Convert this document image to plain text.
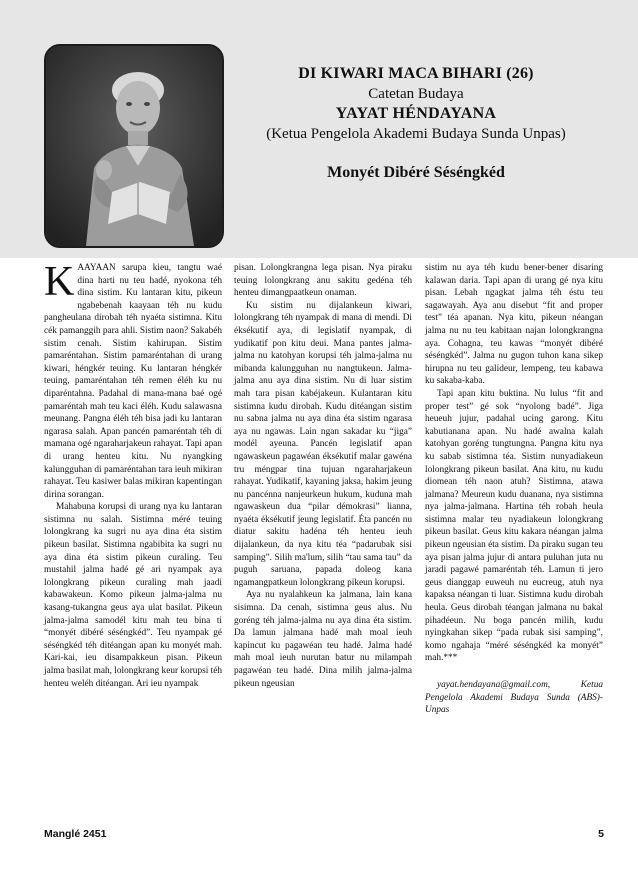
DI KIWARI MACA BIHARI (26)
Catetan Budaya
YAYAT HÉNDAYANA
(Ketua Pengelola Akademi Budaya Sunda Unpas)
Monyét Dibéré Séséngkéd

KAAYAAN sarupa kieu, tangtu waé dina harti nu teu hadé, nyokona téh dina sistim. Ku lantaran kitu, pikeun ngabebenah kaayaan téh nu kudu pangheulana dirobah téh nyaéta sistimna. Kitu cék pamanggih para ahli. Sistim naon? Sakabéh sistim cenah. Sistim kahirupan. Sistim pamaréntahan. Sistim pamaréntahan di urang kiwari, héngkér teuing. Ku lantaran héngkér teuing, pamaréntahan téh remen éléh ku nu diparéntahna. Padahal di mana-mana baé ogé pamaréntah mah teu kaci éléh. Kudu salawasna meunang. Pangna éléh téh bisa jadi ku lantaran ngarasa salah. Apan pancén pamaréntah téh di mamana ogé ngaraharjakeun rahayat. Tapi apan di urang henteu kitu. Nu nyangking kalungguhan di pamaréntahan tara ieuh mikiran rahayat. Teu kasiwer balas mikiran kapentingan dirina sorangan.

Mahabuna korupsi di urang nya ku lantaran sistimna nu salah. Sistimna méré teuing lolongkrang ka sugri nu aya dina éta sistim pikeun basilat. Sistimna ngabibita ka sugri nu aya dina éta sistim pikeun curaling. Teu mustahil jalma hadé gé ari nyampak aya lolongkrang pikeun curaling mah jaadi kabawakeun. Komo pikeun jalma-jalma nu kasang-tukangna geus aya ulat basilat. Pikeun jalma-jalma samodél kitu mah teu bina ti “monyét dibéré séséngkéd”. Teu nyampak gé séséngkéd téh ditéangan apan ku monyét mah. Kari-kai, ieu disampakkeun pisan. Pikeun jalma basilat mah, lolongkrang keur korupsi téh henteu weléh ditéangan. Ari ieu nyampak

pisan. Lolongkrangna lega pisan. Nya piraku teuing lolongkrang anu sakitu gedéna téh henteu dimangpaatkeun onaman.

Ku sistim nu dijalankeun kiwari, lolongkrang téh nyampak di mana di mendi. Di éksékutif aya, di legislatif nyampak, di yudikatif pon kitu deui. Mana pantes jalma-jalma nu katohyan korupsi téh jalma-jalma nu mibanda kalungguhan nu nangtukeun. Jalma-jalma anu aya dina sistim. Nu di luar sistim mah tara pisan kabéjakeun. Kulantaran kitu sistimna kudu dirobah. Kudu ditéangan sistim nu sabna jalma nu aya dina éta sistim ngarasa aya nu ngawas. Lain ngan sakadar ku “jiga” modél ayeuna. Pancén legislatif apan ngawaskeun pagawéan éksékutif malar gawéna tru méngpar tina tujuan ngaraharjakeun rahayat. Yudikatif, kayaning jaksa, hakim jeung nu pancénna nanjeurkeun hukum, kuduna mah ngawaskeun dua “pilar démokrasi” lianna, nyaéta éksékutif jeung legislatif. Éta pancén nu diatur sakitu hadéna téh henteu ieuh dijalankeun, da nya kitu téa “padarubak sisi samping”. Silih ma'lum, silih “tau sama tau” da puguh saruana, papada doleog kana ngamangpatkeun lolongkrang pikeun korupsi.

Aya nu nyalahkeun ka jalmana, lain kana sisimna. Da cenah, sistimna geus alus. Nu goréng téh jalma-jalma nu aya dina éta sistim. Da lamun jalmana hadé mah moal ieuh kapincut ku pagawéan teu hadé. Jalma hadé mah moal ieuh nurutan batur nu milampah pagawéan teu hadé. Dina milih jalma-jalma pikeun ngeusian

sistim nu aya téh kudu bener-bener disaring kalawan daria. Tapi apan di urang gé nya kitu pisan. Lebah ngagkat jalma téh éstu teu sagawayah. Aya anu disebut “fit and proper test” téa apanan. Nya kitu, pikeun néangan jalma nu nu teu kabitaan najan lolongkrangna aya. Cohagna, teu kawas “monyét dibéré séséngkéd”. Jalma nu gugon tuhon kana sikep hirupna nu teu galideur, lempeng, teu kabawa ku sakaba-kaba.

Tapi apan kitu buktina. Nu lulus “fit and proper test” gé sok “nyolong badé”. Jiga heueuh jujur, padahal ucing garong. Kitu kabutianana apan. Nu hadé awalna kalah katohyan goréng tungtungna. Pangna kitu nya ku sabab sistimna téa. Sistim nunyadiakeun lolongkrang pikeun basilat. Ana kitu, nu kudu diomean téh naon atuh? Sistimna, atawa jalmana? Meureun kudu duanana, nya sistimna nya jalma-jalmana. Hartina téh robah heula sistimna malar teu nyadiakeun lolongkrang pikeun basilat. Geus kitu kakara néangan jalma pikeun ngeusian éta sistim. Da piraku sugan teu aya pisan jalma jujur di antara puluhan juta nu jaradi pagawé pamaréntah téh. Lamun ti jero geus dianggap euweuh nu eucreug, atuh nya kapaksa néangan ti luar. Sistimna kudu dirobah heula. Geus dirobah téangan jalmana nu bakal pihadéeun. Nu boga pancén milih, kudu nyingkahan sikep “pada rubak sisi samping”, komo ngahaja “méré séséngkéd ka monyét” mah.***

yayat.hendayana@gmail.com, Ketua Pengelola Akademi Budaya Sunda (ABS)-Unpas

Manglé 2451	5
